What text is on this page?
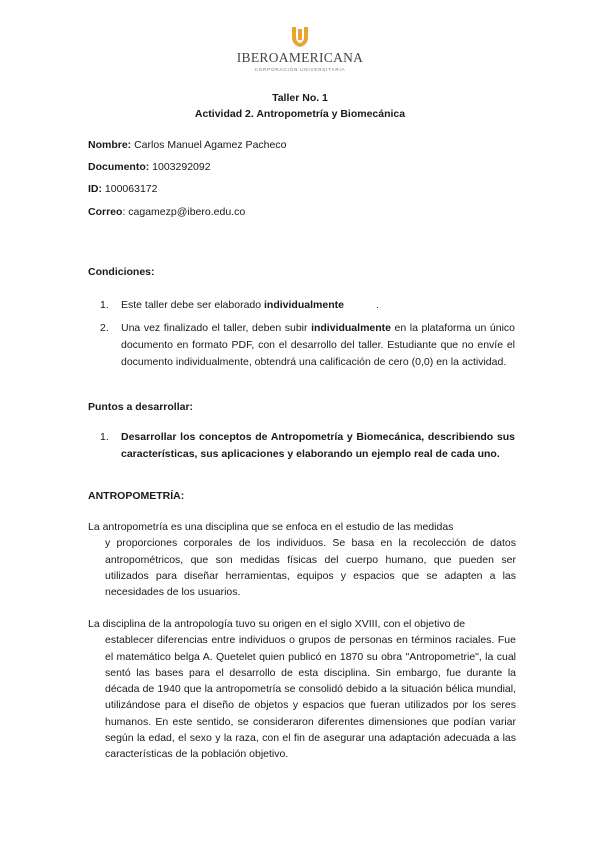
IBEROAMERICANA
CORPORACIÓN UNIVERSITARIA
Taller No. 1
Actividad 2. Antropometría y Biomecánica
Nombre: Carlos Manuel Agamez Pacheco
Documento: 1003292092
ID: 100063172
Correo: cagamezp@ibero.edu.co
Condiciones:
1. Este taller debe ser elaborado individualmente           .
2. Una vez finalizado el taller, deben subir individualmente en la plataforma un único documento en formato PDF, con el desarrollo del taller. Estudiante que no envíe el documento individualmente, obtendrá una calificación de cero (0,0) en la actividad.
Puntos a desarrollar:
1. Desarrollar los conceptos de Antropometría y Biomecánica, describiendo sus características, sus aplicaciones y elaborando un ejemplo real de cada uno.
ANTROPOMETRÍA:
La antropometría es una disciplina que se enfoca en el estudio de las medidas
y proporciones corporales de los individuos. Se basa en la recolección de datos antropométricos, que son medidas físicas del cuerpo humano, que pueden ser utilizados para diseñar herramientas, equipos y espacios que se adapten a las necesidades de los usuarios.
La disciplina de la antropología tuvo su origen en el siglo XVIII, con el objetivo de
establecer diferencias entre individuos o grupos de personas en términos raciales. Fue el matemático belga A. Quetelet quien publicó en 1870 su obra "Antropometrie", la cual sentó las bases para el desarrollo de esta disciplina. Sin embargo, fue durante la década de 1940 que la antropometría se consolidó debido a la situación bélica mundial, utilizándose para el diseño de objetos y espacios que fueran utilizados por los seres humanos. En este sentido, se consideraron diferentes dimensiones que podían variar según la edad, el sexo y la raza, con el fin de asegurar una adaptación adecuada a las características de la población objetivo.
